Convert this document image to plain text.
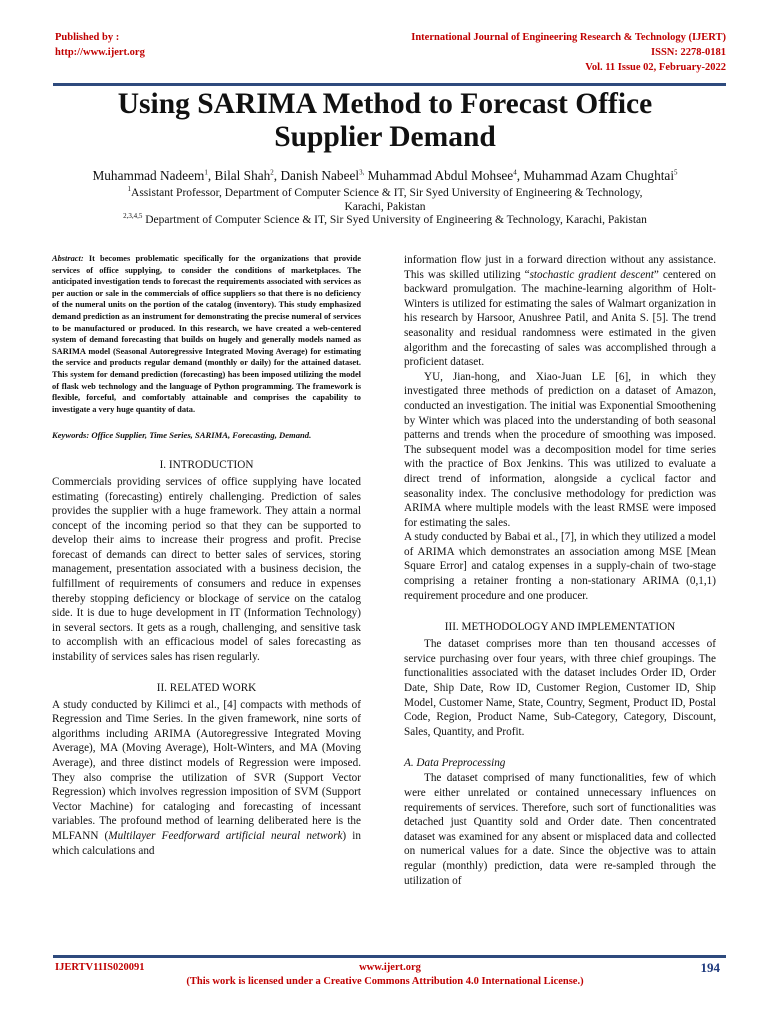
Published by :
http://www.ijert.org
International Journal of Engineering Research & Technology (IJERT)
ISSN: 2278-0181
Vol. 11 Issue 02, February-2022
Using SARIMA Method to Forecast Office
Supplier Demand
Muhammad Nadeem$^1$, Bilal Shah$^2$, Danish Nabeel$^{3,}$ Muhammad Abdul Mohsee$^4$, Muhammad Azam Chughtai$^5$
$^1$Assistant Professor, Department of Computer Science & IT, Sir Syed University of Engineering & Technology,
Karachi, Pakistan
$^{2,3,4,5}$ Department of Computer Science & IT, Sir Syed University of Engineering & Technology, Karachi, Pakistan

Abstract: It becomes problematic specifically for the organizations that provide services of office supplying, to consider the conditions of marketplaces. The anticipated investigation tends to forecast the requirements associated with services as per auction or sale in the commercials of office suppliers so that there is no deficiency of the numeral units on the portion of the catalog (inventory). This study emphasized demand prediction as an instrument for demonstrating the precise numeral of services to be manufactured or produced. In this research, we have created a web-centered system of demand forecasting that builds on hugely and generally models named as SARIMA model (Seasonal Autoregressive Integrated Moving Average) for estimating the service and products regular demand (monthly or daily) for the attained dataset. This system for demand prediction (forecasting) has been imposed utilizing the model of flask web technology and the language of Python programming. The framework is flexible, forceful, and comfortably attainable and comprises the capability to investigate a very huge quantity of data.

Keywords: Office Supplier, Time Series, SARIMA, Forecasting, Demand.

I. INTRODUCTION

Commercials providing services of office supplying have located estimating (forecasting) entirely challenging. Prediction of sales provides the supplier with a huge framework. They attain a normal concept of the incoming period so that they can be supported to develop their aims to increase their progress and profit. Precise forecast of demands can direct to better sales of services, storing management, presentation associated with a business decision, the fulfillment of requirements of consumers and reduce in expenses thereby stopping deficiency or blockage of service on the catalog side. It is due to huge development in IT (Information Technology) in several sectors. It gets as a rough, challenging, and sensitive task to accomplish with an efficacious model of sales forecasting as instability of services sales has risen regularly.

II. RELATED WORK

A study conducted by Kilimci et al., [4] compacts with methods of Regression and Time Series. In the given framework, nine sorts of algorithms including ARIMA (Autoregressive Integrated Moving Average), MA (Moving Average), Holt-Winters, and MA (Moving Average), and three distinct models of Regression were imposed. They also comprise the utilization of SVR (Support Vector Regression) which involves regression imposition of SVM (Support Vector Machine) for cataloging and forecasting of incessant variables. The profound method of learning deliberated here is the MLFANN (Multilayer Feedforward artificial neural network) in which calculations and

information flow just in a forward direction without any assistance. This was skilled utilizing “stochastic gradient descent” centered on backward promulgation. The machine-learning algorithm of Holt-Winters is utilized for estimating the sales of Walmart organization in his research by Harsoor, Anushree Patil, and Anita S. [5]. The trend seasonality and residual randomness were estimated in the given algorithm and the forecasting of sales was accomplished through a proficient dataset.

YU, Jian-hong, and Xiao-Juan LE [6], in which they investigated three methods of prediction on a dataset of Amazon, conducted an investigation. The initial was Exponential Smoothening by Winter which was placed into the understanding of both seasonal patterns and trends when the procedure of smoothing was imposed. The subsequent model was a decomposition model for time series with the practice of Box Jenkins. This was utilized to evaluate a direct trend of information, alongside a cyclical factor and seasonality index. The conclusive methodology for prediction was ARIMA where multiple models with the least RMSE were imposed for estimating the sales.

A study conducted by Babai et al., [7], in which they utilized a model of ARIMA which demonstrates an association among MSE [Mean Square Error] and catalog expenses in a supply-chain of two-stage comprising a retainer fronting a non-stationary ARIMA (0,1,1) requirement procedure and one producer.

III. METHODOLOGY AND IMPLEMENTATION

The dataset comprises more than ten thousand accesses of service purchasing over four years, with three chief groupings. The functionalities associated with the dataset includes Order ID, Order Date, Ship Date, Row ID, Customer Region, Customer ID, Ship Model, Customer Name, State, Country, Segment, Product ID, Postal Code, Region, Product Name, Sub-Category, Category, Discount, Sales, Quantity, and Profit.

A. Data Preprocessing

The dataset comprised of many functionalities, few of which were either unrelated or contained unnecessary influences on requirements of services. Therefore, such sort of functionalities was detached just Quantity sold and Order date. Then concentrated dataset was examined for any absent or misplaced data and collected on numerical values for a date. Since the objective was to attain regular (monthly) prediction, data were re-sampled through the utilization of

IJERTV11IS020091	www.ijert.org	194
(This work is licensed under a Creative Commons Attribution 4.0 International License.)
